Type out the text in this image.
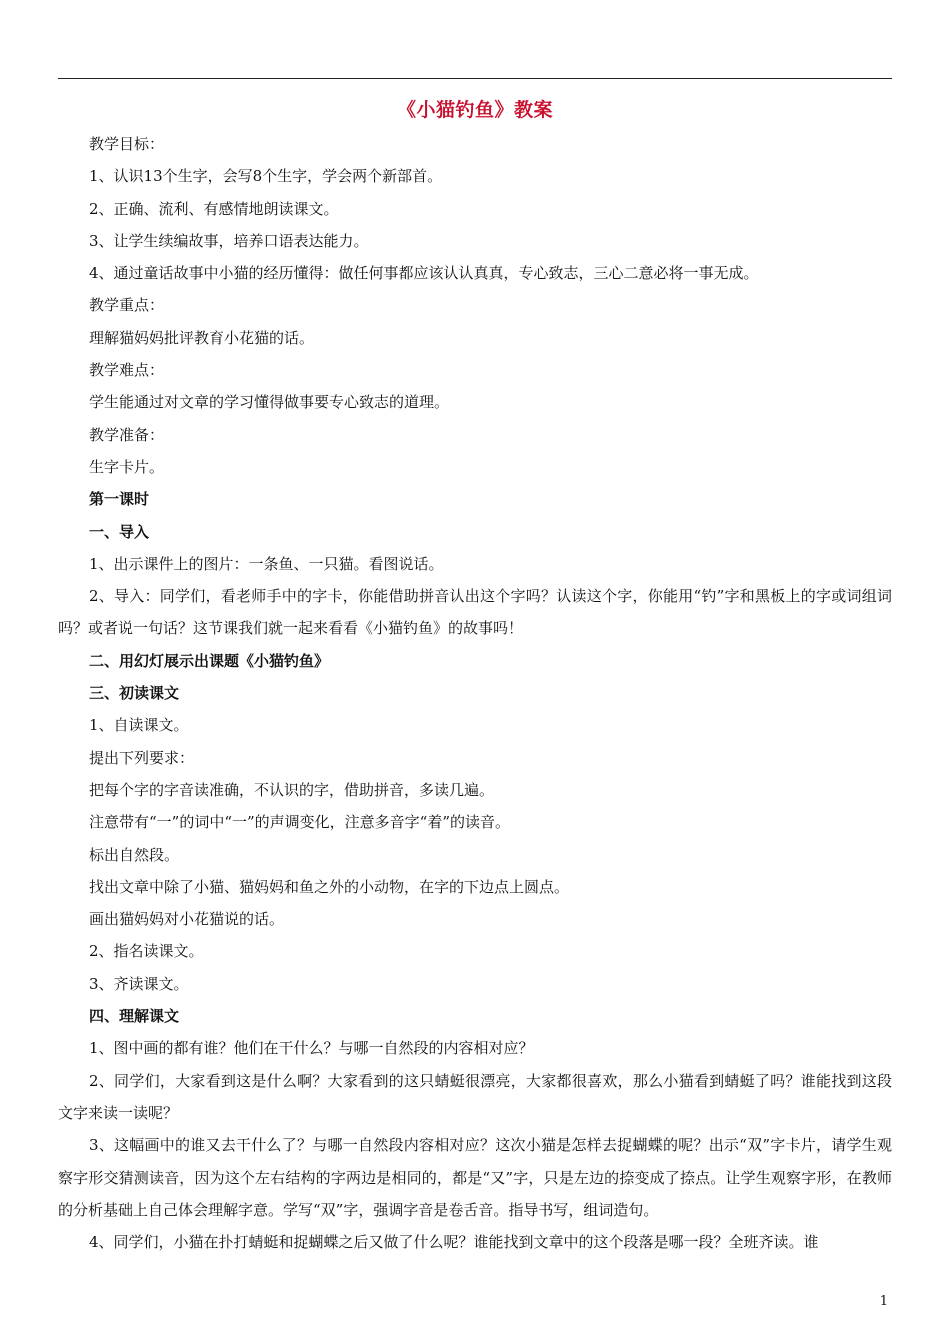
《小猫钓鱼》教案

教学目标：

1、认识13个生字，会写8个生字，学会两个新部首。

2、正确、流利、有感情地朗读课文。

3、让学生续编故事，培养口语表达能力。

4、通过童话故事中小猫的经历懂得：做任何事都应该认认真真，专心致志，三心二意必将一事无成。

教学重点：

理解猫妈妈批评教育小花猫的话。

教学难点：

学生能通过对文章的学习懂得做事要专心致志的道理。

教学准备：

生字卡片。

第一课时

一、导入

1、出示课件上的图片：一条鱼、一只猫。看图说话。

2、导入：同学们，看老师手中的字卡，你能借助拼音认出这个字吗？认读这个字，你能用“钓”字和黑板上的字或词组词吗？或者说一句话？这节课我们就一起来看看《小猫钓鱼》的故事吗！

二、用幻灯展示出课题《小猫钓鱼》

三、初读课文

1、自读课文。

提出下列要求：

把每个字的字音读准确，不认识的字，借助拼音，多读几遍。

注意带有“一”的词中“一”的声调变化，注意多音字“着”的读音。

标出自然段。

找出文章中除了小猫、猫妈妈和鱼之外的小动物，在字的下边点上圆点。

画出猫妈妈对小花猫说的话。

2、指名读课文。

3、齐读课文。

四、理解课文

1、图中画的都有谁？他们在干什么？与哪一自然段的内容相对应？

2、同学们，大家看到这是什么啊？大家看到的这只蜻蜓很漂亮，大家都很喜欢，那么小猫看到蜻蜓了吗？谁能找到这段文字来读一读呢？

3、这幅画中的谁又去干什么了？与哪一自然段内容相对应？这次小猫是怎样去捉蝴蝶的呢？出示“双”字卡片，请学生观察字形交猜测读音，因为这个左右结构的字两边是相同的，都是“又”字，只是左边的捺变成了捺点。让学生观察字形，在教师的分析基础上自己体会理解字意。学写“双”字，强调字音是卷舌音。指导书写，组词造句。

4、同学们，小猫在扑打蜻蜓和捉蝴蝶之后又做了什么呢？谁能找到文章中的这个段落是哪一段？全班齐读。谁

1
